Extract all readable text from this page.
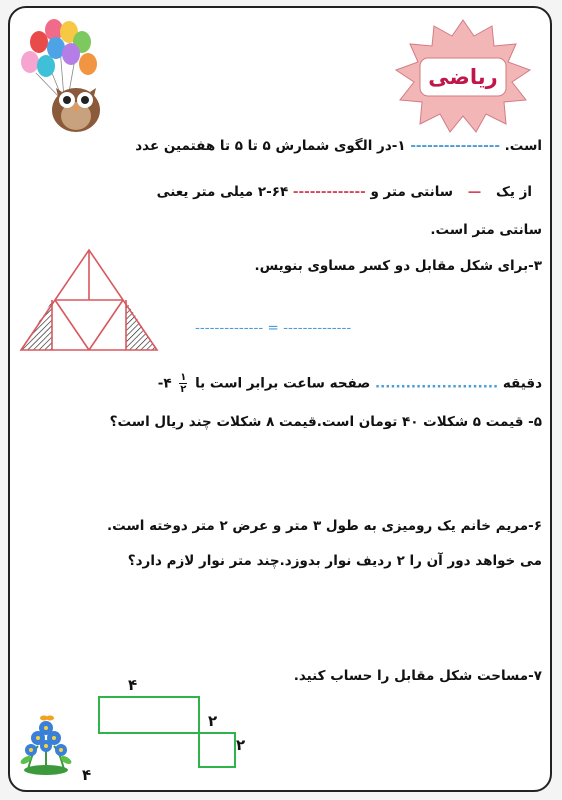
ریاضی
۱-در الگوی شمارش ۵ تا ۵ تا هفتمین عدد ---------------- است.
۲-۶۴ میلی متر یعنی ------------- سانتی متر و — از یک
سانتی متر است.
۳-برای شکل مقابل دو کسر مساوی بنویس.
-------------- = --------------
۴- $\frac{۱}{۲}$ صفحه ساعت برابر است با ........................ دقیقه
۵- قیمت ۵ شکلات ۴۰ تومان است.قیمت ۸ شکلات چند ریال است؟
۶-مریم خانم یک رومیزی به طول ۳ متر و عرض ۲ متر دوخته است.
می خواهد دور آن را ۲ ردیف نوار بدوزد.چند متر نوار لازم دارد؟
۷-مساحت شکل مقابل را حساب کنید.
۴
۲
۲
۴
